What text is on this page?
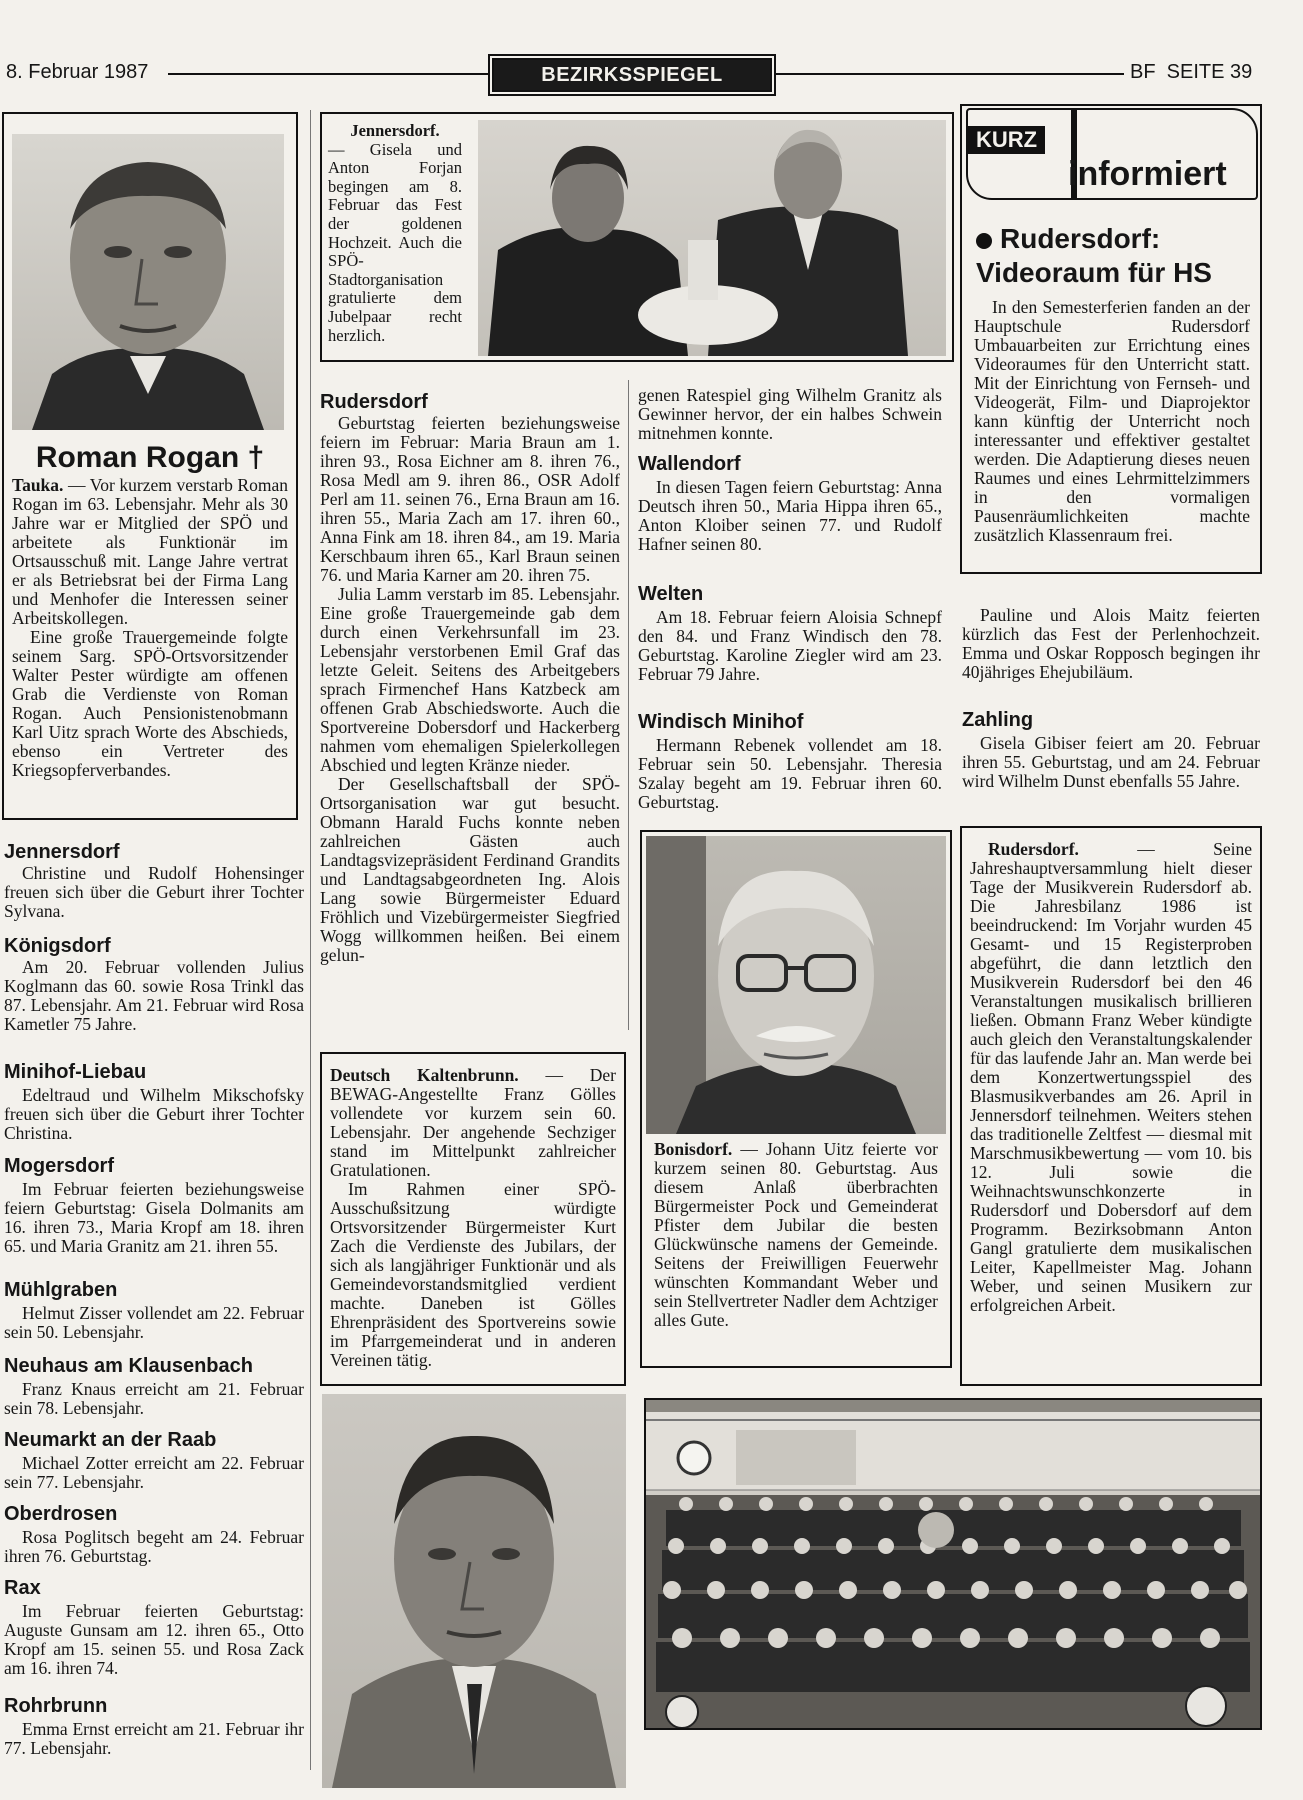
8. Februar 1987	BEZIRKSSPIEGEL	BF  SEITE 39
Roman Rogan †

Tauka. — Vor kurzem verstarb Roman Rogan im 63. Lebensjahr. Mehr als 30 Jahre war er Mitglied der SPÖ und arbeitete als Funktionär im Ortsausschuß mit. Lange Jahre vertrat er als Betriebsrat bei der Firma Lang und Menhofer die Interessen seiner Arbeitskollegen.

Eine große Trauergemeinde folgte seinem Sarg. SPÖ-Ortsvorsitzender Walter Pester würdigte am offenen Grab die Verdienste von Roman Rogan. Auch Pensionistenobmann Karl Uitz sprach Worte des Abschieds, ebenso ein Vertreter des Kriegsopferverbandes.

Jennersdorf

Christine und Rudolf Hohensinger freuen sich über die Geburt ihrer Tochter Sylvana.

Königsdorf

Am 20. Februar vollenden Julius Koglmann das 60. sowie Rosa Trinkl das 87. Lebensjahr. Am 21. Februar wird Rosa Kametler 75 Jahre.

Minihof-Liebau

Edeltraud und Wilhelm Mikschofsky freuen sich über die Geburt ihrer Tochter Christina.

Mogersdorf

Im Februar feierten beziehungsweise feiern Geburtstag: Gisela Dolmanits am 16. ihren 73., Maria Kropf am 18. ihren 65. und Maria Granitz am 21. ihren 55.

Mühlgraben

Helmut Zisser vollendet am 22. Februar sein 50. Lebensjahr.

Neuhaus am Klausenbach

Franz Knaus erreicht am 21. Februar sein 78. Lebensjahr.

Neumarkt an der Raab

Michael Zotter erreicht am 22. Februar sein 77. Lebensjahr.

Oberdrosen

Rosa Poglitsch begeht am 24. Februar ihren 76. Geburtstag.

Rax

Im Februar feierten Geburtstag: Auguste Gunsam am 12. ihren 65., Otto Kropf am 15. seinen 55. und Rosa Zack am 16. ihren 74.

Rohrbrunn

Emma Ernst erreicht am 21. Februar ihr 77. Lebensjahr.

Jennersdorf.

— Gisela und Anton Forjan begingen am 8. Februar das Fest der goldenen Hochzeit. Auch die SPÖ-Stadtorganisation gratulierte dem Jubelpaar recht herzlich.

Rudersdorf

Geburtstag feierten beziehungsweise feiern im Februar: Maria Braun am 1. ihren 93., Rosa Eichner am 8. ihren 76., Rosa Medl am 9. ihren 86., OSR Adolf Perl am 11. seinen 76., Erna Braun am 16. ihren 55., Maria Zach am 17. ihren 60., Anna Fink am 18. ihren 84., am 19. Maria Kerschbaum ihren 65., Karl Braun seinen 76. und Maria Karner am 20. ihren 75.

Julia Lamm verstarb im 85. Lebensjahr. Eine große Trauergemeinde gab dem durch einen Verkehrsunfall im 23. Lebensjahr verstorbenen Emil Graf das letzte Geleit. Seitens des Arbeitgebers sprach Firmenchef Hans Katzbeck am offenen Grab Abschiedsworte. Auch die Sportvereine Dobersdorf und Hackerberg nahmen vom ehemaligen Spielerkollegen Abschied und legten Kränze nieder.

Der Gesellschaftsball der SPÖ-Ortsorganisation war gut besucht. Obmann Harald Fuchs konnte neben zahlreichen Gästen auch Landtagsvizepräsident Ferdinand Grandits und Landtagsabgeordneten Ing. Alois Lang sowie Bürgermeister Eduard Fröhlich und Vizebürgermeister Siegfried Wogg willkommen heißen. Bei einem gelun-

genen Ratespiel ging Wilhelm Granitz als Gewinner hervor, der ein halbes Schwein mitnehmen konnte.

Wallendorf

In diesen Tagen feiern Geburtstag: Anna Deutsch ihren 50., Maria Hippa ihren 65., Anton Kloiber seinen 77. und Rudolf Hafner seinen 80.

Welten

Am 18. Februar feiern Aloisia Schnepf den 84. und Franz Windisch den 78. Geburtstag. Karoline Ziegler wird am 23. Februar 79 Jahre.

Windisch Minihof

Hermann Rebenek vollendet am 18. Februar sein 50. Lebensjahr. Theresia Szalay begeht am 19. Februar ihren 60. Geburtstag.

Bonisdorf. — Johann Uitz feierte vor kurzem seinen 80. Geburtstag. Aus diesem Anlaß überbrachten Bürgermeister Pock und Gemeinderat Pfister dem Jubilar die besten Glückwünsche namens der Gemeinde. Seitens der Freiwilligen Feuerwehr wünschten Kommandant Weber und sein Stellvertreter Nadler dem Achtziger alles Gute.

Deutsch Kaltenbrunn. — Der BEWAG-Angestellte Franz Gölles vollendete vor kurzem sein 60. Lebensjahr. Der angehende Sechziger stand im Mittelpunkt zahlreicher Gratulationen.

Im Rahmen einer SPÖ-Ausschußsitzung würdigte Ortsvorsitzender Bürgermeister Kurt Zach die Verdienste des Jubilars, der sich als langjähriger Funktionär und als Gemeindevorstandsmitglied verdient machte. Daneben ist Gölles Ehrenpräsident des Sportvereins sowie im Pfarrgemeinderat und in anderen Vereinen tätig.

KURZ
informiert
Rudersdorf:
Videoraum für HS

In den Semesterferien fanden an der Hauptschule Rudersdorf Umbauarbeiten zur Errichtung eines Videoraumes für den Unterricht statt. Mit der Einrichtung von Fernseh- und Videogerät, Film- und Diaprojektor kann künftig der Unterricht noch interessanter und effektiver gestaltet werden. Die Adaptierung dieses neuen Raumes und eines Lehrmittelzimmers in den vormaligen Pausenräumlichkeiten machte zusätzlich Klassenraum frei.

Pauline und Alois Maitz feierten kürzlich das Fest der Perlenhochzeit. Emma und Oskar Ropposch begingen ihr 40jähriges Ehejubiläum.

Zahling

Gisela Gibiser feiert am 20. Februar ihren 55. Geburtstag, und am 24. Februar wird Wilhelm Dunst ebenfalls 55 Jahre.

Rudersdorf. — Seine Jahreshauptversammlung hielt dieser Tage der Musikverein Rudersdorf ab. Die Jahresbilanz 1986 ist beeindruckend: Im Vorjahr wurden 45 Gesamt- und 15 Registerproben abgeführt, die dann letztlich den Musikverein Rudersdorf bei den 46 Veranstaltungen musikalisch brillieren ließen. Obmann Franz Weber kündigte auch gleich den Veranstaltungskalender für das laufende Jahr an. Man werde bei dem Konzertwertungsspiel des Blasmusikverbandes am 26. April in Jennersdorf teilnehmen. Weiters stehen das traditionelle Zeltfest — diesmal mit Marschmusikbewertung — vom 10. bis 12. Juli sowie die Weihnachtswunschkonzerte in Rudersdorf und Dobersdorf auf dem Programm. Bezirksobmann Anton Gangl gratulierte dem musikalischen Leiter, Kapellmeister Mag. Johann Weber, und seinen Musikern zur erfolgreichen Arbeit.
